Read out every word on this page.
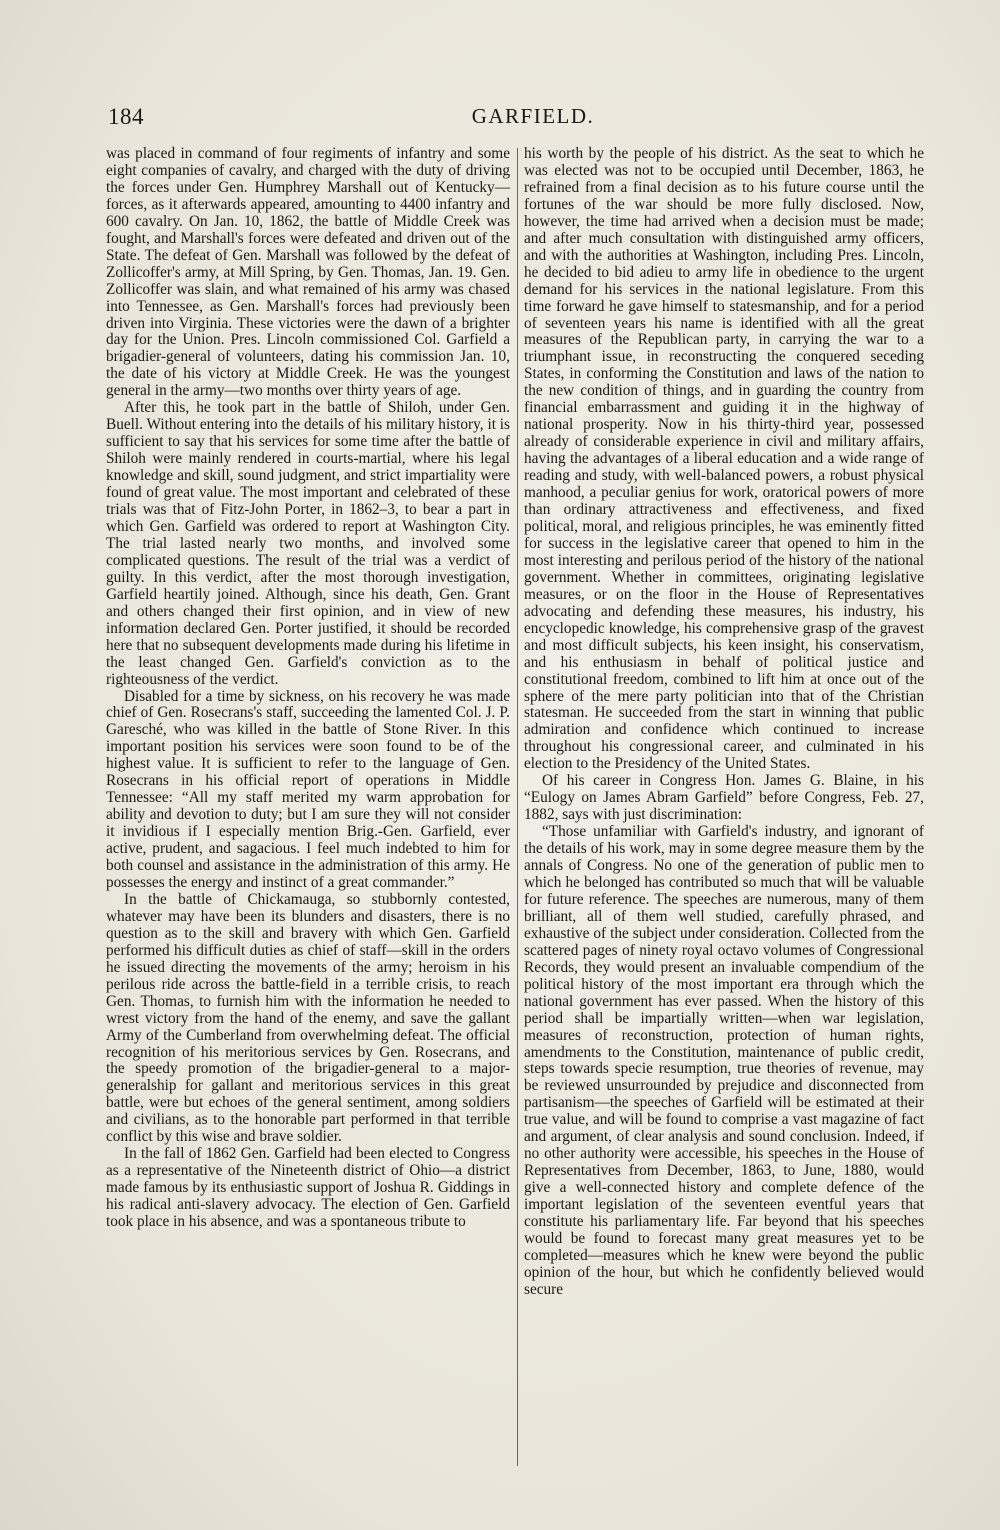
184	GARFIELD.

was placed in command of four regiments of infantry and some eight companies of cavalry, and charged with the duty of driving the forces under Gen. Humphrey Marshall out of Kentucky—forces, as it afterwards appeared, amounting to 4400 infantry and 600 cavalry. On Jan. 10, 1862, the battle of Middle Creek was fought, and Marshall's forces were defeated and driven out of the State. The defeat of Gen. Marshall was followed by the defeat of Zollicoffer's army, at Mill Spring, by Gen. Thomas, Jan. 19. Gen. Zollicoffer was slain, and what remained of his army was chased into Tennessee, as Gen. Marshall's forces had previously been driven into Virginia. These victories were the dawn of a brighter day for the Union. Pres. Lincoln commissioned Col. Garfield a brigadier-general of volunteers, dating his commission Jan. 10, the date of his victory at Middle Creek. He was the youngest general in the army—two months over thirty years of age.

After this, he took part in the battle of Shiloh, under Gen. Buell. Without entering into the details of his military history, it is sufficient to say that his services for some time after the battle of Shiloh were mainly rendered in courts-martial, where his legal knowledge and skill, sound judgment, and strict impartiality were found of great value. The most important and celebrated of these trials was that of Fitz-John Porter, in 1862–3, to bear a part in which Gen. Garfield was ordered to report at Washington City. The trial lasted nearly two months, and involved some complicated questions. The result of the trial was a verdict of guilty. In this verdict, after the most thorough investigation, Garfield heartily joined. Although, since his death, Gen. Grant and others changed their first opinion, and in view of new information declared Gen. Porter justified, it should be recorded here that no subsequent developments made during his lifetime in the least changed Gen. Garfield's conviction as to the righteousness of the verdict.

Disabled for a time by sickness, on his recovery he was made chief of Gen. Rosecrans's staff, succeeding the lamented Col. J. P. Garesché, who was killed in the battle of Stone River. In this important position his services were soon found to be of the highest value. It is sufficient to refer to the language of Gen. Rosecrans in his official report of operations in Middle Tennessee: “All my staff merited my warm approbation for ability and devotion to duty; but I am sure they will not consider it invidious if I especially mention Brig.-Gen. Garfield, ever active, prudent, and sagacious. I feel much indebted to him for both counsel and assistance in the administration of this army. He possesses the energy and instinct of a great commander.”

In the battle of Chickamauga, so stubbornly contested, whatever may have been its blunders and disasters, there is no question as to the skill and bravery with which Gen. Garfield performed his difficult duties as chief of staff—skill in the orders he issued directing the movements of the army; heroism in his perilous ride across the battle-field in a terrible crisis, to reach Gen. Thomas, to furnish him with the information he needed to wrest victory from the hand of the enemy, and save the gallant Army of the Cumberland from overwhelming defeat. The official recognition of his meritorious services by Gen. Rosecrans, and the speedy promotion of the brigadier-general to a major-generalship for gallant and meritorious services in this great battle, were but echoes of the general sentiment, among soldiers and civilians, as to the honorable part performed in that terrible conflict by this wise and brave soldier.

In the fall of 1862 Gen. Garfield had been elected to Congress as a representative of the Nineteenth district of Ohio—a district made famous by its enthusiastic support of Joshua R. Giddings in his radical anti-slavery advocacy. The election of Gen. Garfield took place in his absence, and was a spontaneous tribute to

his worth by the people of his district. As the seat to which he was elected was not to be occupied until December, 1863, he refrained from a final decision as to his future course until the fortunes of the war should be more fully disclosed. Now, however, the time had arrived when a decision must be made; and after much consultation with distinguished army officers, and with the authorities at Washington, including Pres. Lincoln, he decided to bid adieu to army life in obedience to the urgent demand for his services in the national legislature. From this time forward he gave himself to statesmanship, and for a period of seventeen years his name is identified with all the great measures of the Republican party, in carrying the war to a triumphant issue, in reconstructing the conquered seceding States, in conforming the Constitution and laws of the nation to the new condition of things, and in guarding the country from financial embarrassment and guiding it in the highway of national prosperity. Now in his thirty-third year, possessed already of considerable experience in civil and military affairs, having the advantages of a liberal education and a wide range of reading and study, with well-balanced powers, a robust physical manhood, a peculiar genius for work, oratorical powers of more than ordinary attractiveness and effectiveness, and fixed political, moral, and religious principles, he was eminently fitted for success in the legislative career that opened to him in the most interesting and perilous period of the history of the national government. Whether in committees, originating legislative measures, or on the floor in the House of Representatives advocating and defending these measures, his industry, his encyclopedic knowledge, his comprehensive grasp of the gravest and most difficult subjects, his keen insight, his conservatism, and his enthusiasm in behalf of political justice and constitutional freedom, combined to lift him at once out of the sphere of the mere party politician into that of the Christian statesman. He succeeded from the start in winning that public admiration and confidence which continued to increase throughout his congressional career, and culminated in his election to the Presidency of the United States.

Of his career in Congress Hon. James G. Blaine, in his “Eulogy on James Abram Garfield” before Congress, Feb. 27, 1882, says with just discrimination:

“Those unfamiliar with Garfield's industry, and ignorant of the details of his work, may in some degree measure them by the annals of Congress. No one of the generation of public men to which he belonged has contributed so much that will be valuable for future reference. The speeches are numerous, many of them brilliant, all of them well studied, carefully phrased, and exhaustive of the subject under consideration. Collected from the scattered pages of ninety royal octavo volumes of Congressional Records, they would present an invaluable compendium of the political history of the most important era through which the national government has ever passed. When the history of this period shall be impartially written—when war legislation, measures of reconstruction, protection of human rights, amendments to the Constitution, maintenance of public credit, steps towards specie resumption, true theories of revenue, may be reviewed unsurrounded by prejudice and disconnected from partisanism—the speeches of Garfield will be estimated at their true value, and will be found to comprise a vast magazine of fact and argument, of clear analysis and sound conclusion. Indeed, if no other authority were accessible, his speeches in the House of Representatives from December, 1863, to June, 1880, would give a well-connected history and complete defence of the important legislation of the seventeen eventful years that constitute his parliamentary life. Far beyond that his speeches would be found to forecast many great measures yet to be completed—measures which he knew were beyond the public opinion of the hour, but which he confidently believed would secure
